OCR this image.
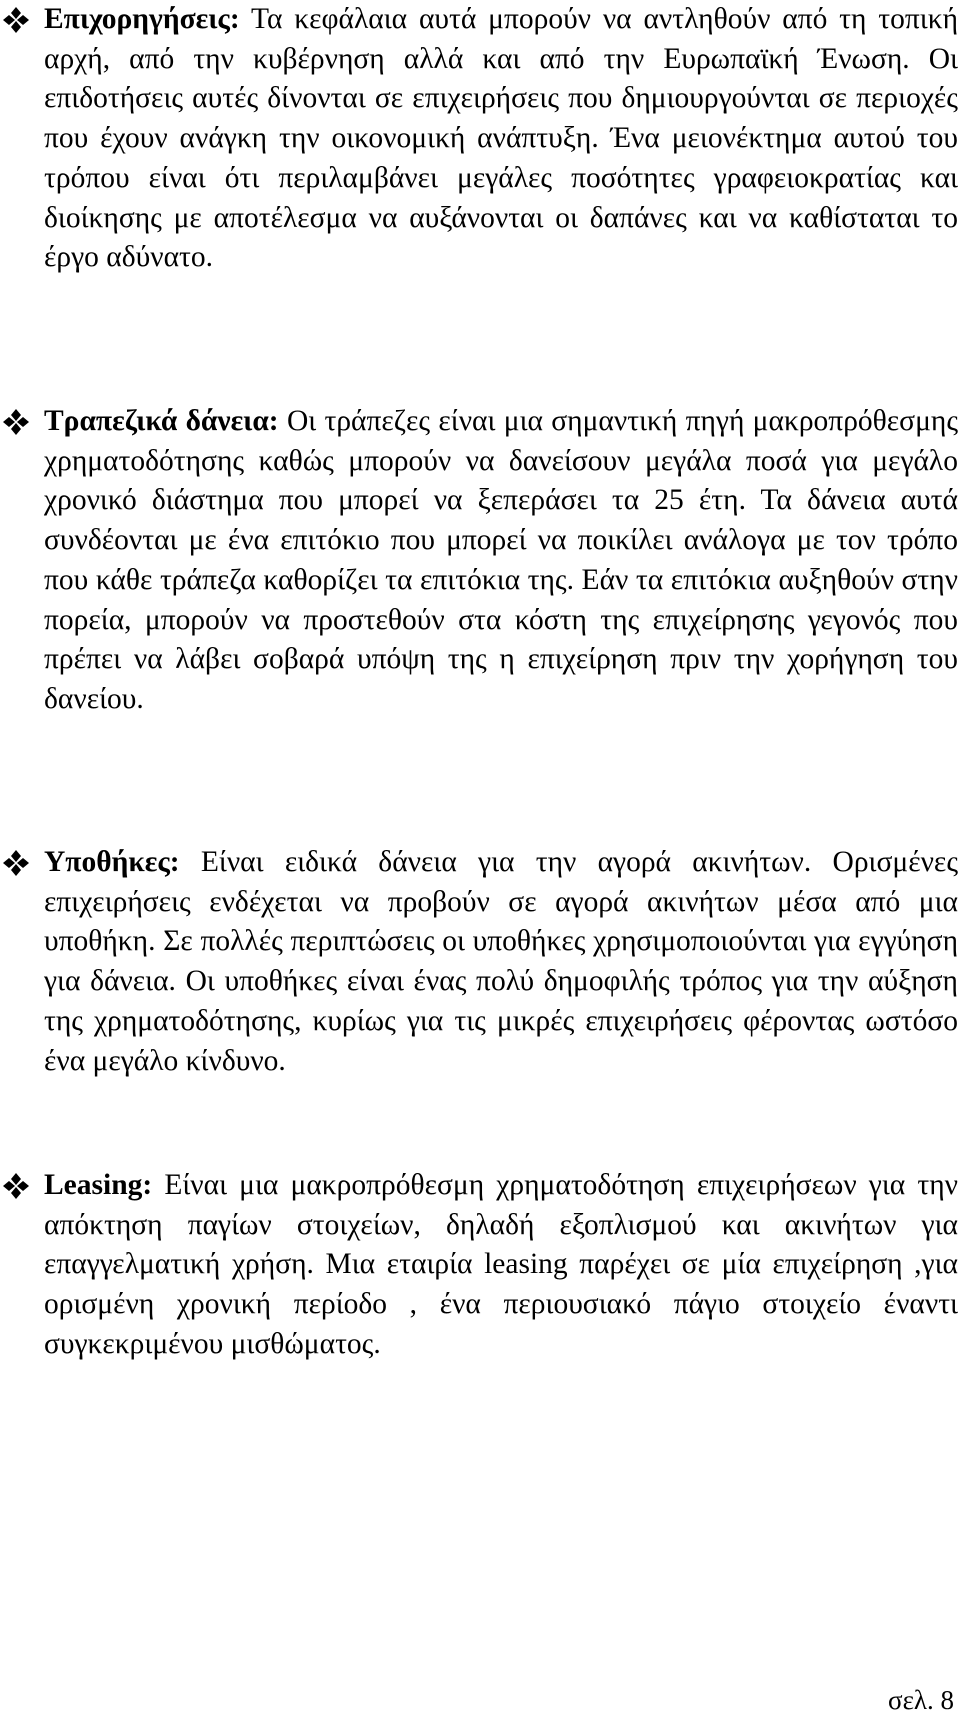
Επιχορηγήσεις: Τα κεφάλαια αυτά μπορούν να αντληθούν από τη τοπική αρχή, από την κυβέρνηση αλλά και από την Ευρωπαϊκή Ένωση. Οι επιδοτήσεις αυτές δίνονται σε επιχειρήσεις που δημιουργούνται σε περιοχές που έχουν ανάγκη την οικονομική ανάπτυξη. Ένα μειονέκτημα αυτού του τρόπου είναι ότι περιλαμβάνει μεγάλες ποσότητες γραφειοκρατίας και διοίκησης με αποτέλεσμα να αυξάνονται οι δαπάνες και να καθίσταται το έργο αδύνατο.
Τραπεζικά δάνεια: Οι τράπεζες είναι μια σημαντική πηγή μακροπρόθεσμης χρηματοδότησης καθώς μπορούν να δανείσουν μεγάλα ποσά για μεγάλο χρονικό διάστημα που μπορεί να ξεπεράσει τα 25 έτη. Τα δάνεια αυτά συνδέονται με ένα επιτόκιο που μπορεί να ποικίλει ανάλογα με τον τρόπο που κάθε τράπεζα καθορίζει τα επιτόκια της. Εάν τα επιτόκια αυξηθούν στην πορεία, μπορούν να προστεθούν στα κόστη της επιχείρησης γεγονός που πρέπει να λάβει σοβαρά υπόψη της η επιχείρηση πριν την χορήγηση του δανείου.
Υποθήκες: Είναι ειδικά δάνεια για την αγορά ακινήτων. Ορισμένες επιχειρήσεις ενδέχεται να προβούν σε αγορά ακινήτων μέσα από μια υποθήκη. Σε πολλές περιπτώσεις οι υποθήκες χρησιμοποιούνται για εγγύηση για δάνεια. Οι υποθήκες είναι ένας πολύ δημοφιλής τρόπος για την αύξηση της χρηματοδότησης, κυρίως για τις μικρές επιχειρήσεις φέροντας ωστόσο ένα μεγάλο κίνδυνο.
Leasing: Είναι μια μακροπρόθεσμη χρηματοδότηση επιχειρήσεων για την απόκτηση παγίων στοιχείων, δηλαδή εξοπλισμού και ακινήτων για επαγγελματική χρήση. Μια εταιρία leasing παρέχει σε μία επιχείρηση ,για ορισμένη χρονική περίοδο , ένα περιουσιακό πάγιο στοιχείο έναντι συγκεκριμένου μισθώματος.
σελ. 8
